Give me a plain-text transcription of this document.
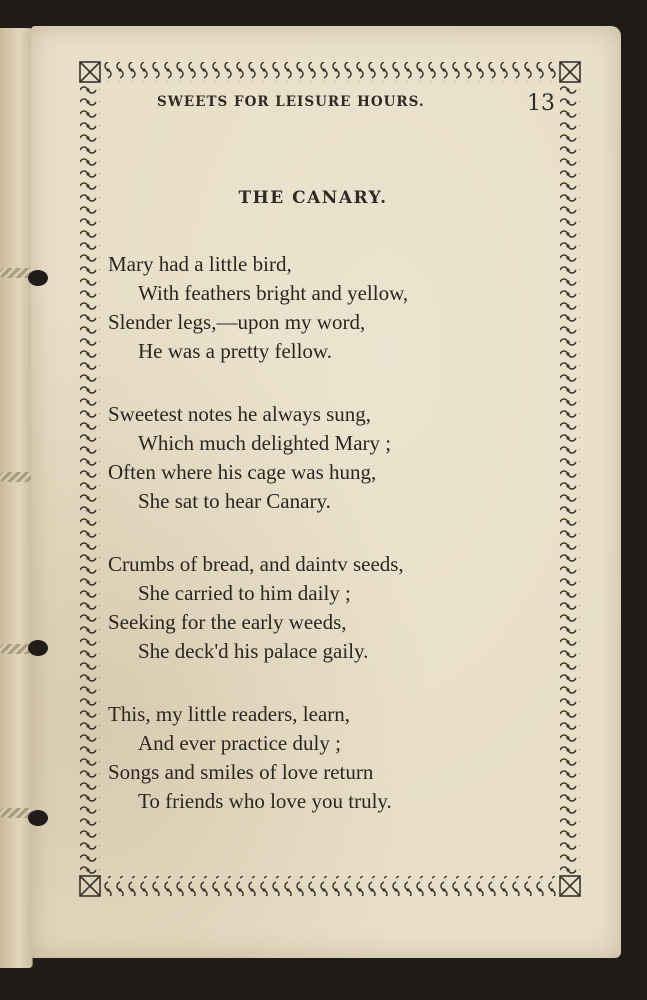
SWEETS FOR LEISURE HOURS.	13
THE CANARY.
Mary had a little bird,
With feathers bright and yellow,
Slender legs,—upon my word,
He was a pretty fellow.
Sweetest notes he always sung,
Which much delighted Mary ;
Often where his cage was hung,
She sat to hear Canary.
Crumbs of bread, and daintv seeds,
She carried to him daily ;
Seeking for the early weeds,
She deck'd his palace gaily.
This, my little readers, learn,
And ever practice duly ;
Songs and smiles of love return
To friends who love you truly.
